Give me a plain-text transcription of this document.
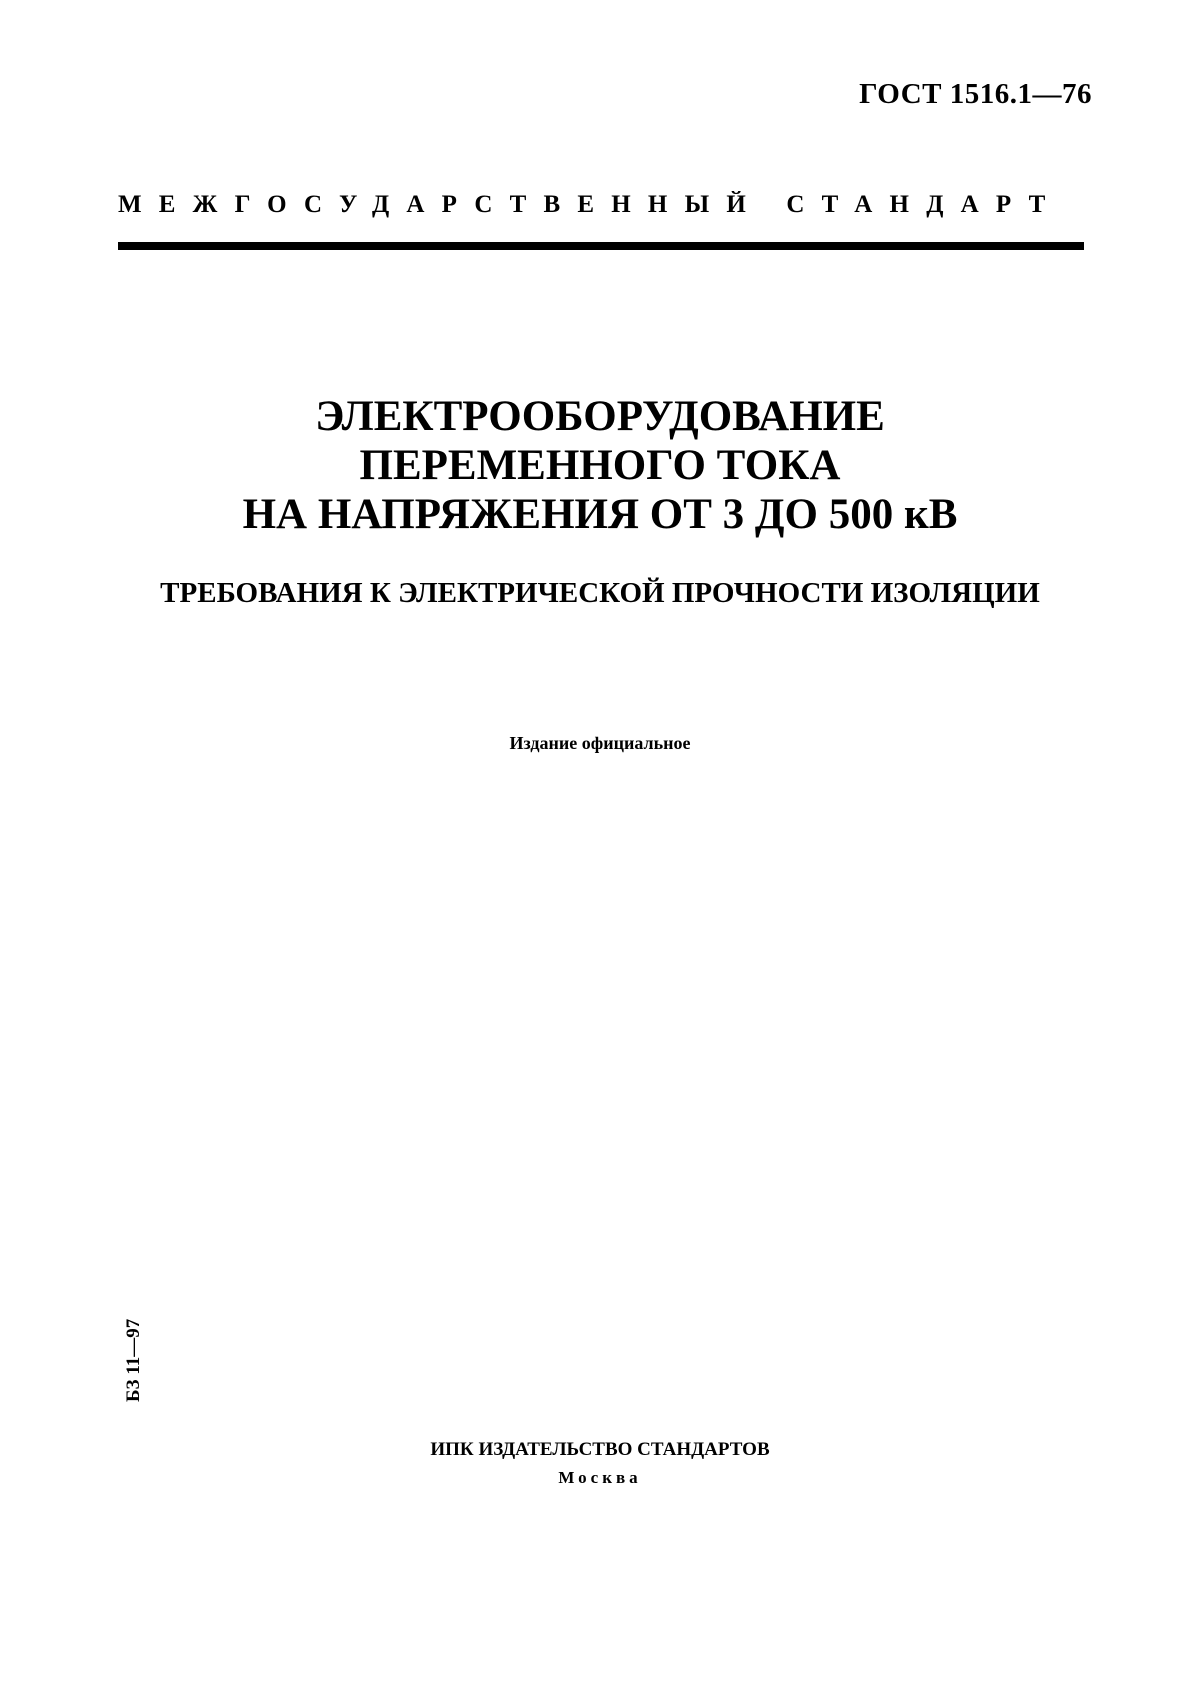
ГОСТ 1516.1—76
МЕЖГОСУДАРСТВЕННЫЙ СТАНДАРТ
ЭЛЕКТРООБОРУДОВАНИЕ
ПЕРЕМЕННОГО ТОКА
НА НАПРЯЖЕНИЯ ОТ 3 ДО 500 кВ
ТРЕБОВАНИЯ К ЭЛЕКТРИЧЕСКОЙ ПРОЧНОСТИ ИЗОЛЯЦИИ
Издание официальное
БЗ 11—97
ИПК ИЗДАТЕЛЬСТВО СТАНДАРТОВ
Москва
